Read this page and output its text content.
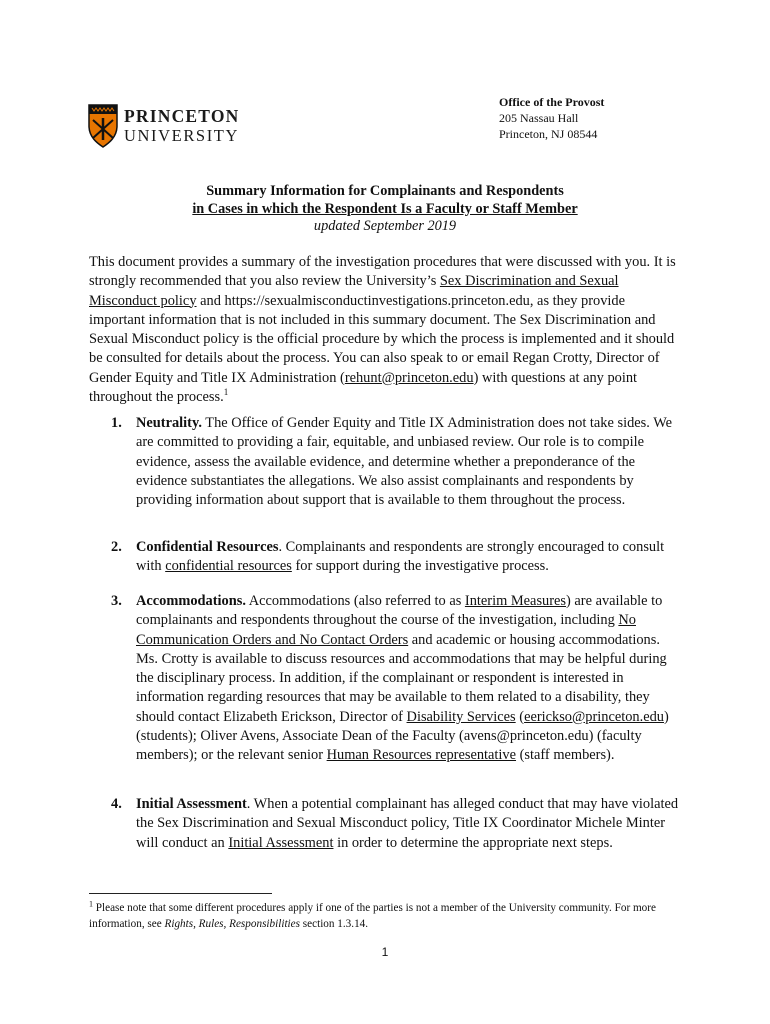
PRINCETON
UNIVERSITY
Office of the Provost
205 Nassau Hall
Princeton, NJ 08544
Summary Information for Complainants and Respondents
in Cases in which the Respondent Is a Faculty or Staff Member
updated September 2019
This document provides a summary of the investigation procedures that were discussed with you. It is strongly recommended that you also review the University’s Sex Discrimination and Sexual Misconduct policy and https://sexualmisconductinvestigations.princeton.edu, as they provide important information that is not included in this summary document. The Sex Discrimination and Sexual Misconduct policy is the official procedure by which the process is implemented and it should be consulted for details about the process. You can also speak to or email Regan Crotty, Director of Gender Equity and Title IX Administration (rehunt@princeton.edu) with questions at any point throughout the process.$^1$
1. Neutrality. The Office of Gender Equity and Title IX Administration does not take sides. We are committed to providing a fair, equitable, and unbiased review. Our role is to compile evidence, assess the available evidence, and determine whether a preponderance of the evidence substantiates the allegations. We also assist complainants and respondents by providing information about support that is available to them throughout the process.
2. Confidential Resources. Complainants and respondents are strongly encouraged to consult with confidential resources for support during the investigative process.
3. Accommodations. Accommodations (also referred to as Interim Measures) are available to complainants and respondents throughout the course of the investigation, including No Communication Orders and No Contact Orders and academic or housing accommodations. Ms. Crotty is available to discuss resources and accommodations that may be helpful during the disciplinary process. In addition, if the complainant or respondent is interested in information regarding resources that may be available to them related to a disability, they should contact Elizabeth Erickson, Director of Disability Services (eerickso@princeton.edu) (students); Oliver Avens, Associate Dean of the Faculty (avens@princeton.edu) (faculty members); or the relevant senior Human Resources representative (staff members).
4. Initial Assessment. When a potential complainant has alleged conduct that may have violated the Sex Discrimination and Sexual Misconduct policy, Title IX Coordinator Michele Minter will conduct an Initial Assessment in order to determine the appropriate next steps.
$^1$ Please note that some different procedures apply if one of the parties is not a member of the University community. For more information, see Rights, Rules, Responsibilities section 1.3.14.
1
